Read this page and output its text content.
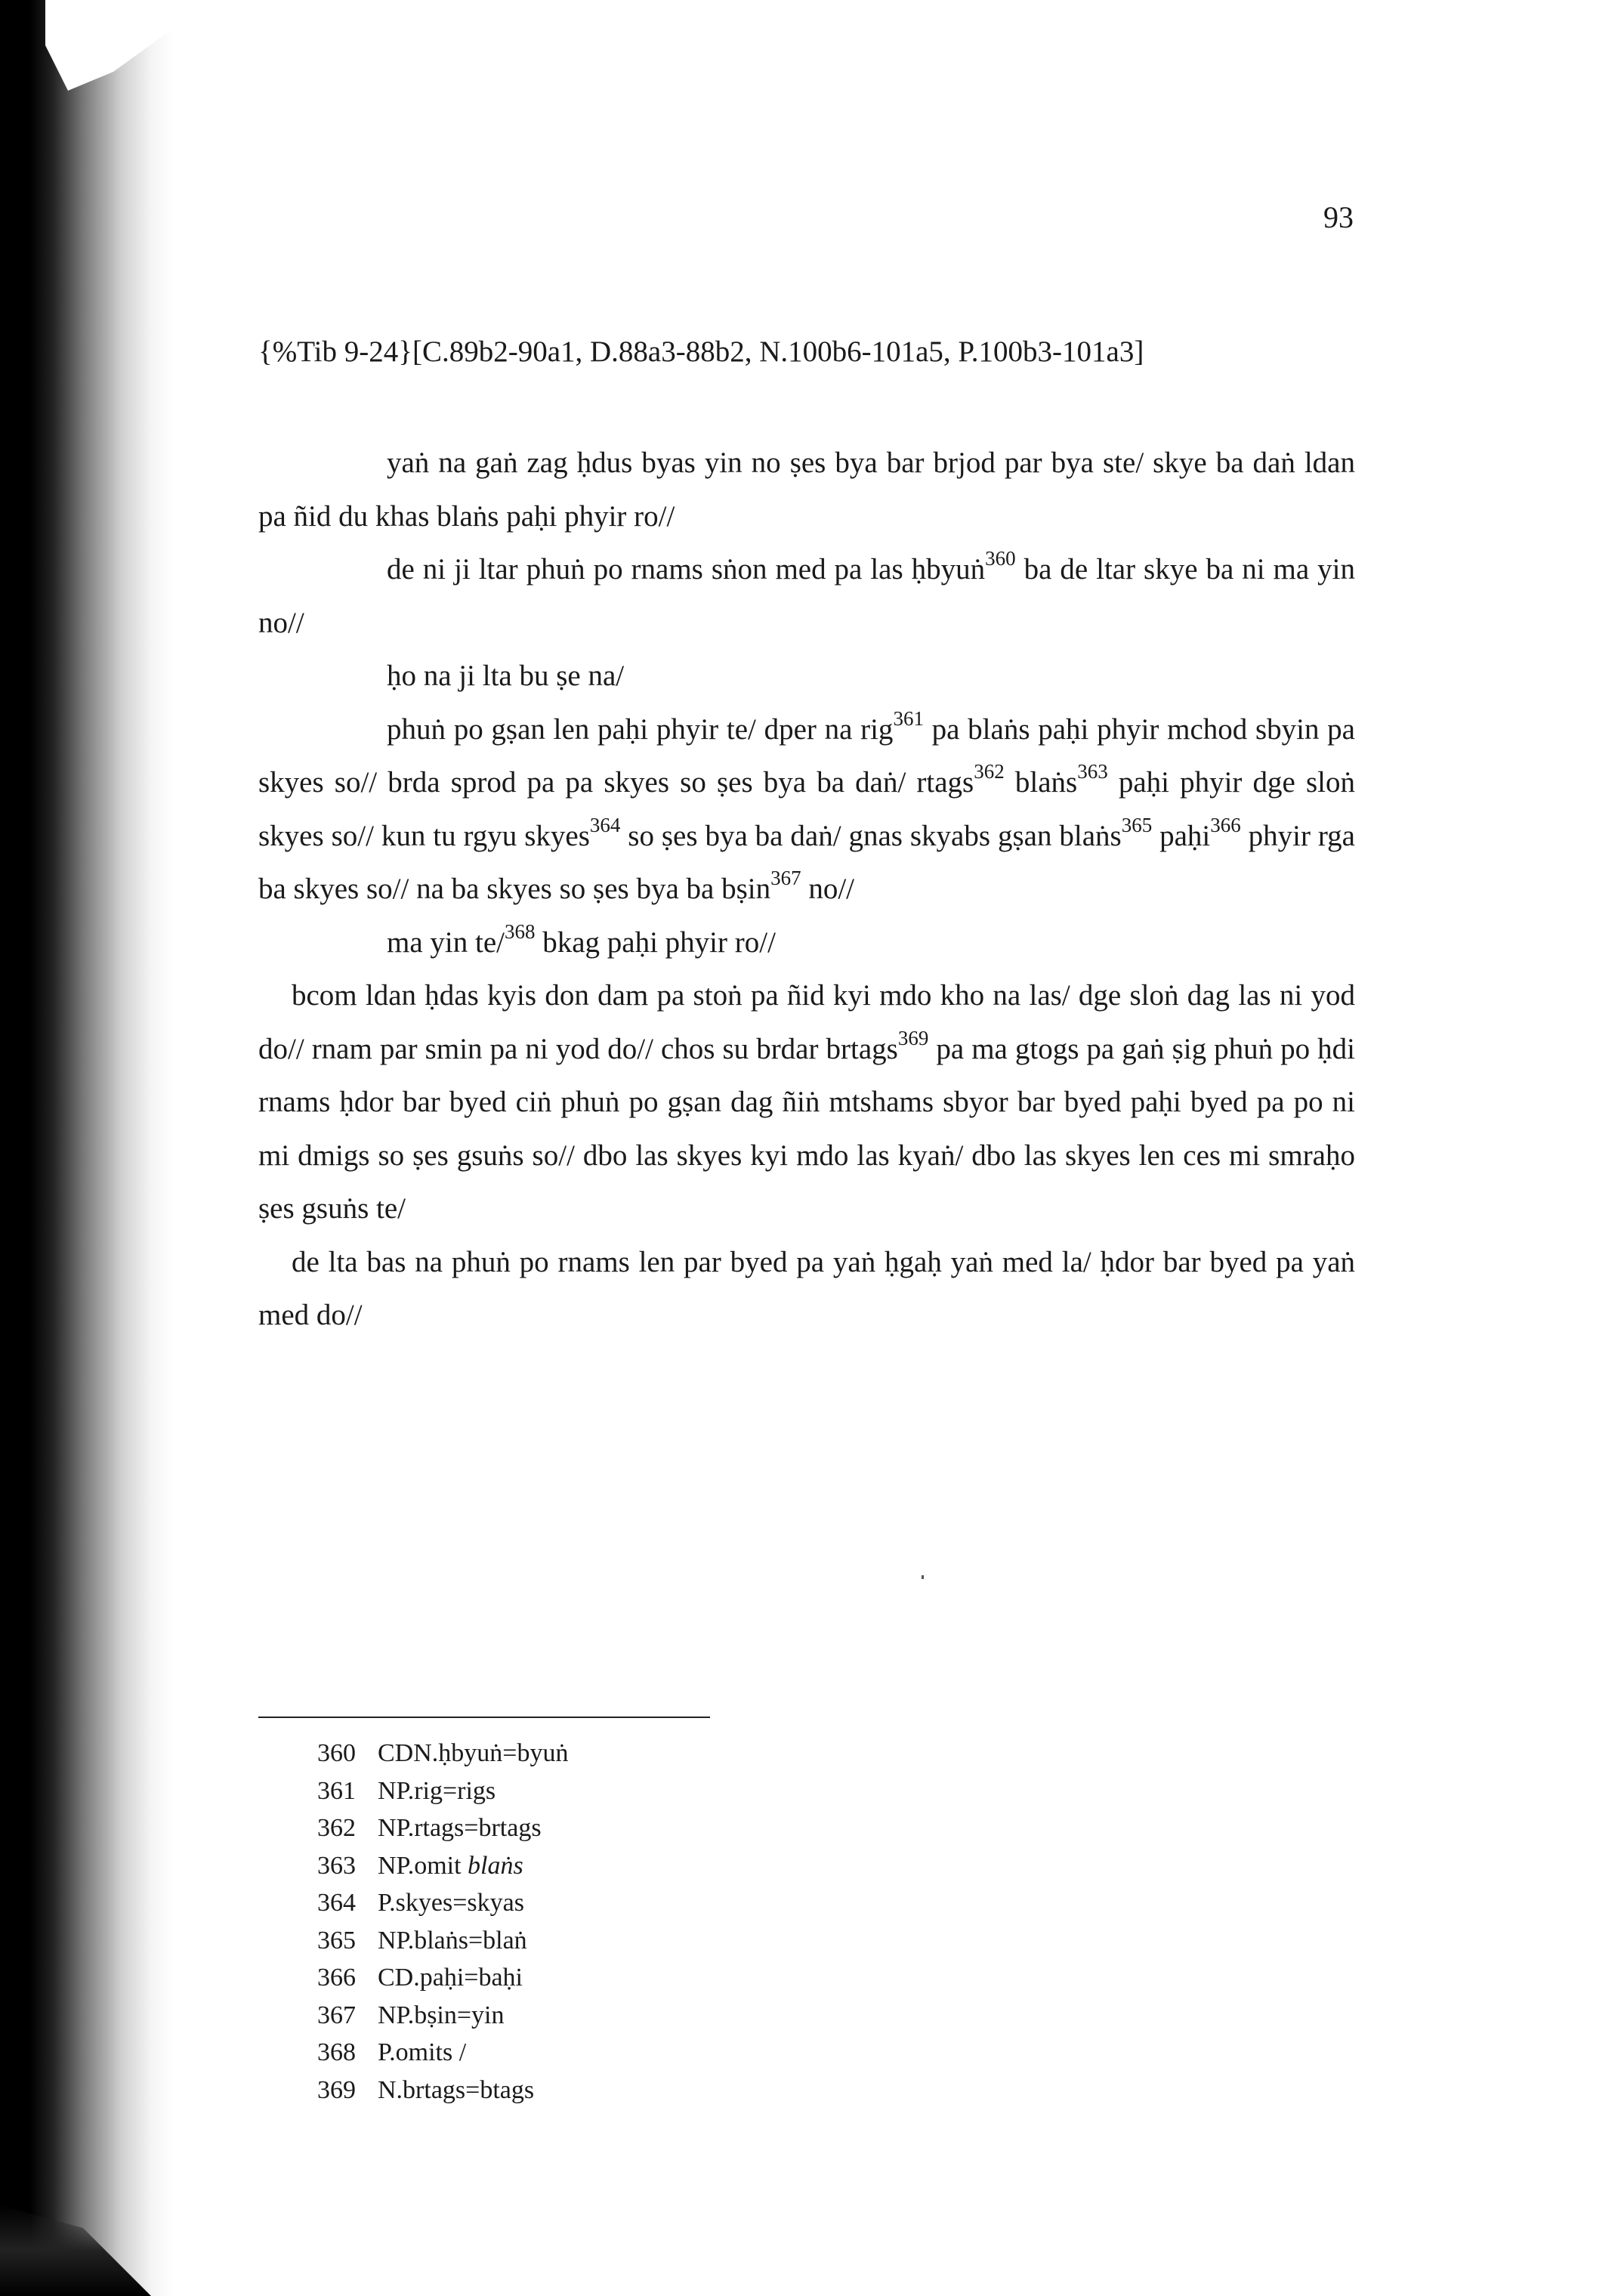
93
{%Tib 9-24}[C.89b2-90a1, D.88a3-88b2, N.100b6-101a5, P.100b3-101a3]

yaṅ na gaṅ zag ḥdus byas yin no ṣes bya bar brjod par bya ste/ skye ba daṅ ldan pa ñid du khas blaṅs paḥi phyir ro//

de ni ji ltar phuṅ po rnams sṅon med pa las ḥbyuṅ$^{360}$ ba de ltar skye ba ni ma yin no//

ḥo na ji lta bu ṣe na/

phuṅ po gṣan len paḥi phyir te/ dper na rig$^{361}$ pa blaṅs paḥi phyir mchod sbyin pa skyes so// brda sprod pa pa skyes so ṣes bya ba daṅ/ rtags$^{362}$ blaṅs$^{363}$ paḥi phyir dge sloṅ skyes so// kun tu rgyu skyes$^{364}$ so ṣes bya ba daṅ/ gnas skyabs gṣan blaṅs$^{365}$ paḥi$^{366}$ phyir rga ba skyes so// na ba skyes so ṣes bya ba bṣin$^{367}$ no//

ma yin te/$^{368}$ bkag paḥi phyir ro//

bcom ldan ḥdas kyis don dam pa stoṅ pa ñid kyi mdo kho na las/ dge sloṅ dag las ni yod do// rnam par smin pa ni yod do// chos su brdar brtags$^{369}$ pa ma gtogs pa gaṅ ṣig phuṅ po ḥdi rnams ḥdor bar byed ciṅ phuṅ po gṣan dag ñiṅ mtshams sbyor bar byed paḥi byed pa po ni mi dmigs so ṣes gsuṅs so// dbo las skyes kyi mdo las kyaṅ/ dbo las skyes len ces mi smraḥo ṣes gsuṅs te/

de lta bas na phuṅ po rnams len par byed pa yaṅ ḥgaḥ yaṅ med la/ ḥdor bar byed pa yaṅ med do//

360 CDN.ḥbyuṅ=byuṅ
361 NP.rig=rigs
362 NP.rtags=brtags
363 NP.omit blaṅs
364 P.skyes=skyas
365 NP.blaṅs=blaṅ
366 CD.paḥi=baḥi
367 NP.bṣin=yin
368 P.omits /
369 N.brtags=btags
